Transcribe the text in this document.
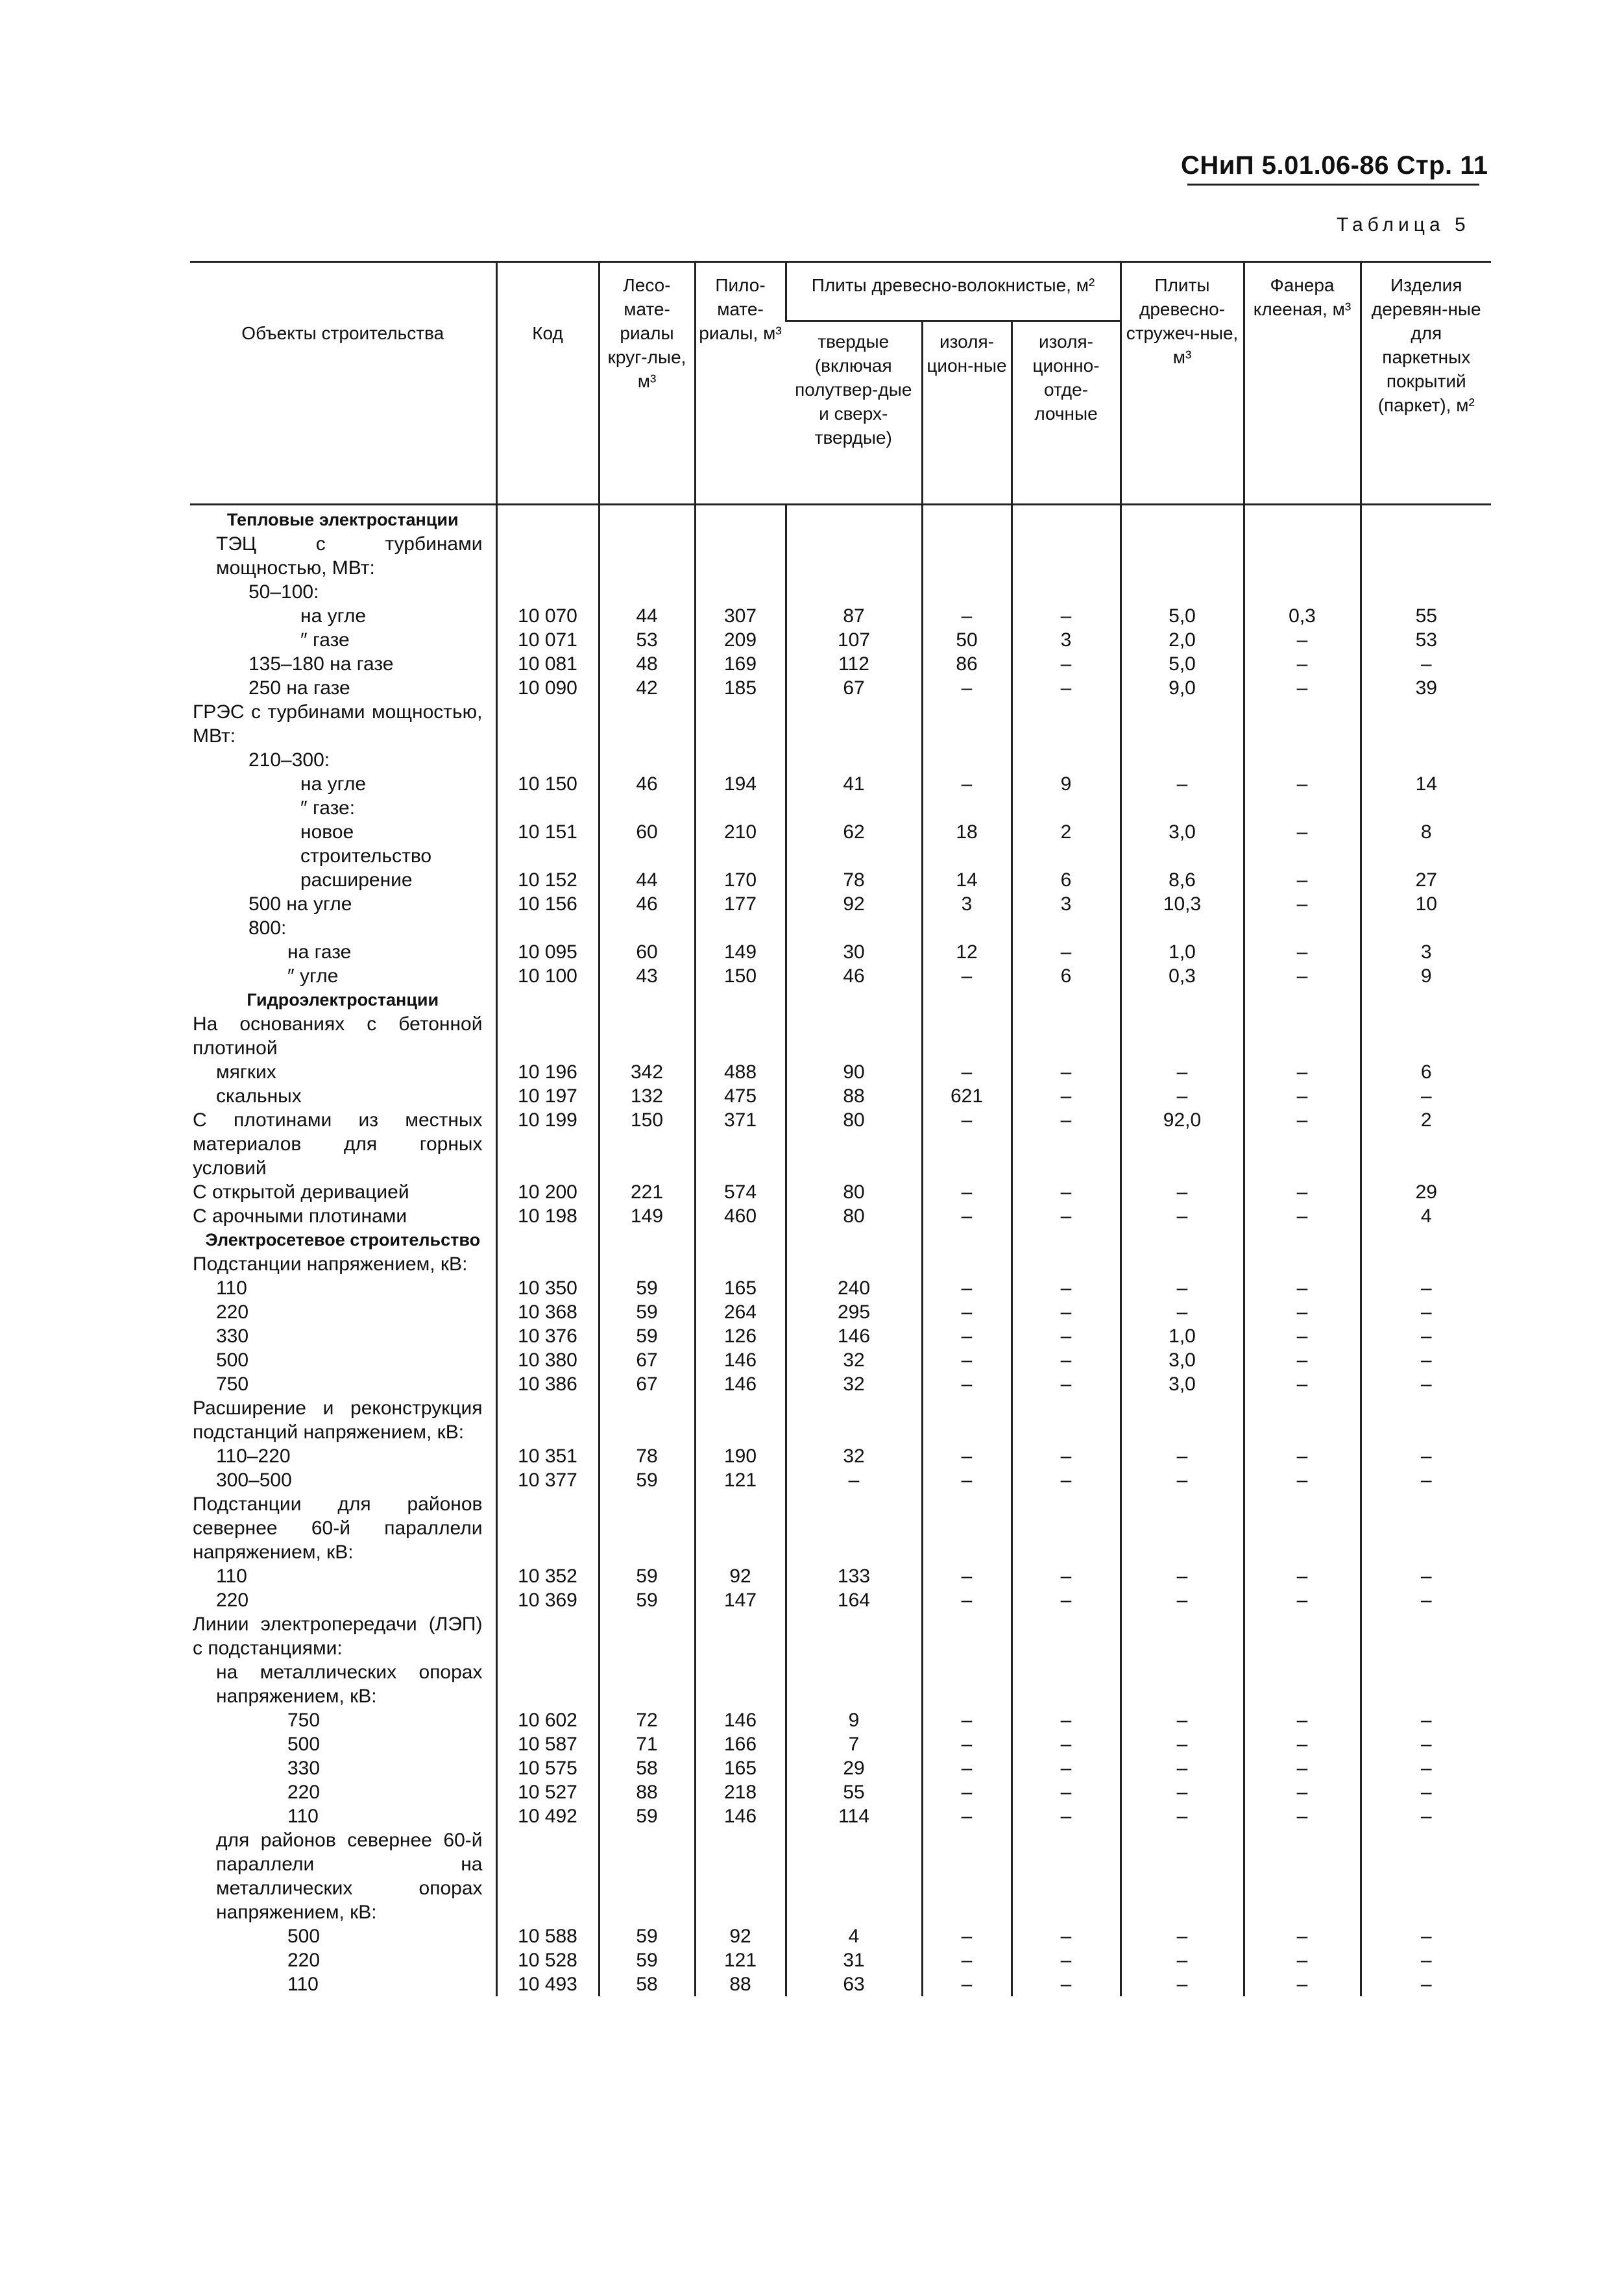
СНиП 5.01.06-86 Стр. 11
Таблица 5
Объекты строительства	Код	Лесо-мате-риалы круг-лые, м³	Пило-мате-риалы, м³	Плиты древесно-волокнистые, м²			Плиты древесно-стружеч-ные, м³	Фанера клееная, м³	Изделия деревян-ные для паркетных покрытий (паркет), м²
				твердые (включая полутвер-дые и сверх-твердые)	изоля-цион-ные	изоля-ционно-отде-лочные			
Тепловые электростанции									
ТЭЦ с турбинами мощностью, МВт:									
50–100:									
на угле	10 070	44	307	87	–	–	5,0	0,3	55
″ газе	10 071	53	209	107	50	3	2,0	–	53
135–180 на газе	10 081	48	169	112	86	–	5,0	–	–
250 на газе	10 090	42	185	67	–	–	9,0	–	39
ГРЭС с турбинами мощностью, МВт:									
210–300:									
на угле	10 150	46	194	41	–	9	–	–	14
″ газе:									
новое строительство	10 151	60	210	62	18	2	3,0	–	8
расширение	10 152	44	170	78	14	6	8,6	–	27
500 на угле	10 156	46	177	92	3	3	10,3	–	10
800:									
на газе	10 095	60	149	30	12	–	1,0	–	3
″ угле	10 100	43	150	46	–	6	0,3	–	9
Гидроэлектростанции									
На основаниях с бетонной плотиной									
мягких	10 196	342	488	90	–	–	–	–	6
скальных	10 197	132	475	88	621	–	–	–	–
С плотинами из местных материалов для горных условий	10 199	150	371	80	–	–	92,0	–	2
С открытой деривацией	10 200	221	574	80	–	–	–	–	29
С арочными плотинами	10 198	149	460	80	–	–	–	–	4
Электросетевое строительство									
Подстанции напряжением, кВ:									
110	10 350	59	165	240	–	–	–	–	–
220	10 368	59	264	295	–	–	–	–	–
330	10 376	59	126	146	–	–	1,0	–	–
500	10 380	67	146	32	–	–	3,0	–	–
750	10 386	67	146	32	–	–	3,0	–	–
Расширение и реконструкция подстанций напряжением, кВ:									
110–220	10 351	78	190	32	–	–	–	–	–
300–500	10 377	59	121	–	–	–	–	–	–
Подстанции для районов севернее 60-й параллели напряжением, кВ:									
110	10 352	59	92	133	–	–	–	–	–
220	10 369	59	147	164	–	–	–	–	–
Линии электропередачи (ЛЭП) с подстанциями:									
на металлических опорах напряжением, кВ:									
750	10 602	72	146	9	–	–	–	–	–
500	10 587	71	166	7	–	–	–	–	–
330	10 575	58	165	29	–	–	–	–	–
220	10 527	88	218	55	–	–	–	–	–
110	10 492	59	146	114	–	–	–	–	–
для районов севернее 60-й параллели на металлических опорах напряжением, кВ:									
500	10 588	59	92	4	–	–	–	–	–
220	10 528	59	121	31	–	–	–	–	–
110	10 493	58	88	63	–	–	–	–	–
